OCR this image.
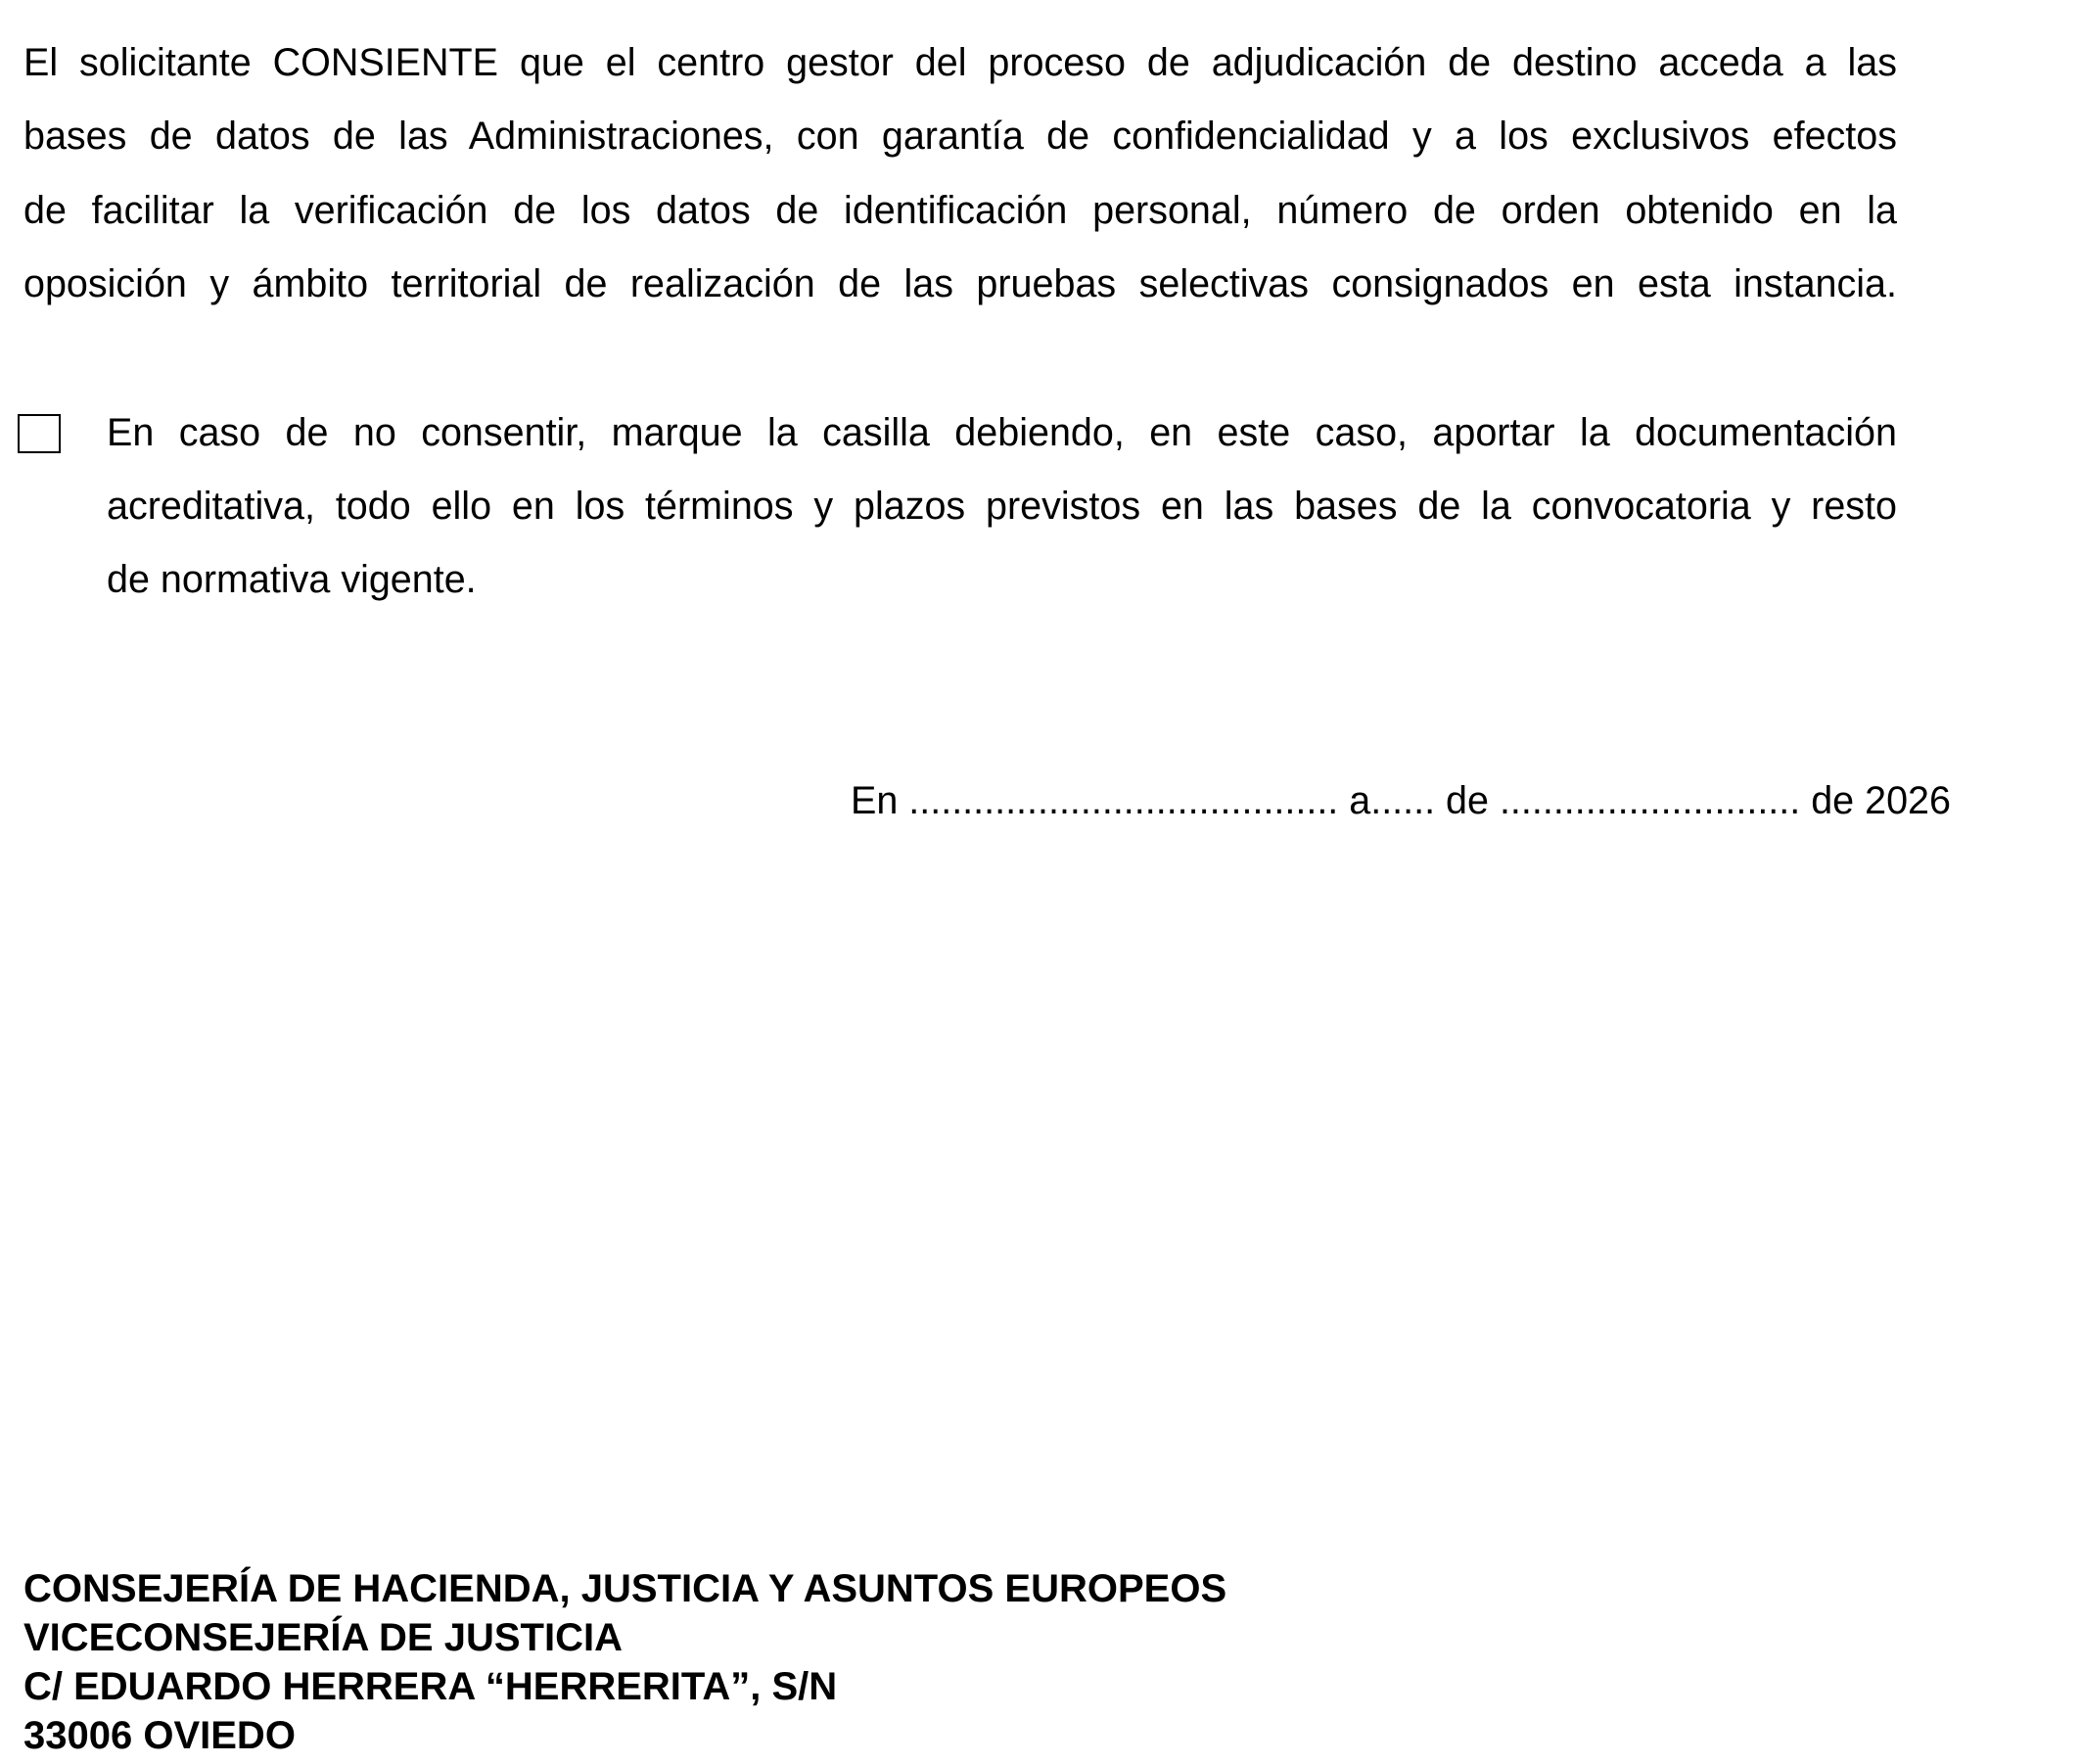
El solicitante CONSIENTE que el centro gestor del proceso de adjudicación de destino acceda a las
bases de datos de las Administraciones, con garantía de confidencialidad y a los exclusivos efectos
de facilitar la verificación de los datos de identificación personal, número de orden obtenido en la
oposición y ámbito territorial de realización de las pruebas selectivas consignados en esta instancia.
En caso de no consentir, marque la casilla debiendo, en este caso, aportar la documentación
acreditativa, todo ello en los términos y plazos previstos en las bases de la convocatoria y resto
de normativa vigente.
En ........................................ a...... de ............................ de 2026
CONSEJERÍA DE HACIENDA, JUSTICIA Y ASUNTOS EUROPEOS
VICECONSEJERÍA DE JUSTICIA
C/ EDUARDO HERRERA “HERRERITA”, S/N
33006 OVIEDO
